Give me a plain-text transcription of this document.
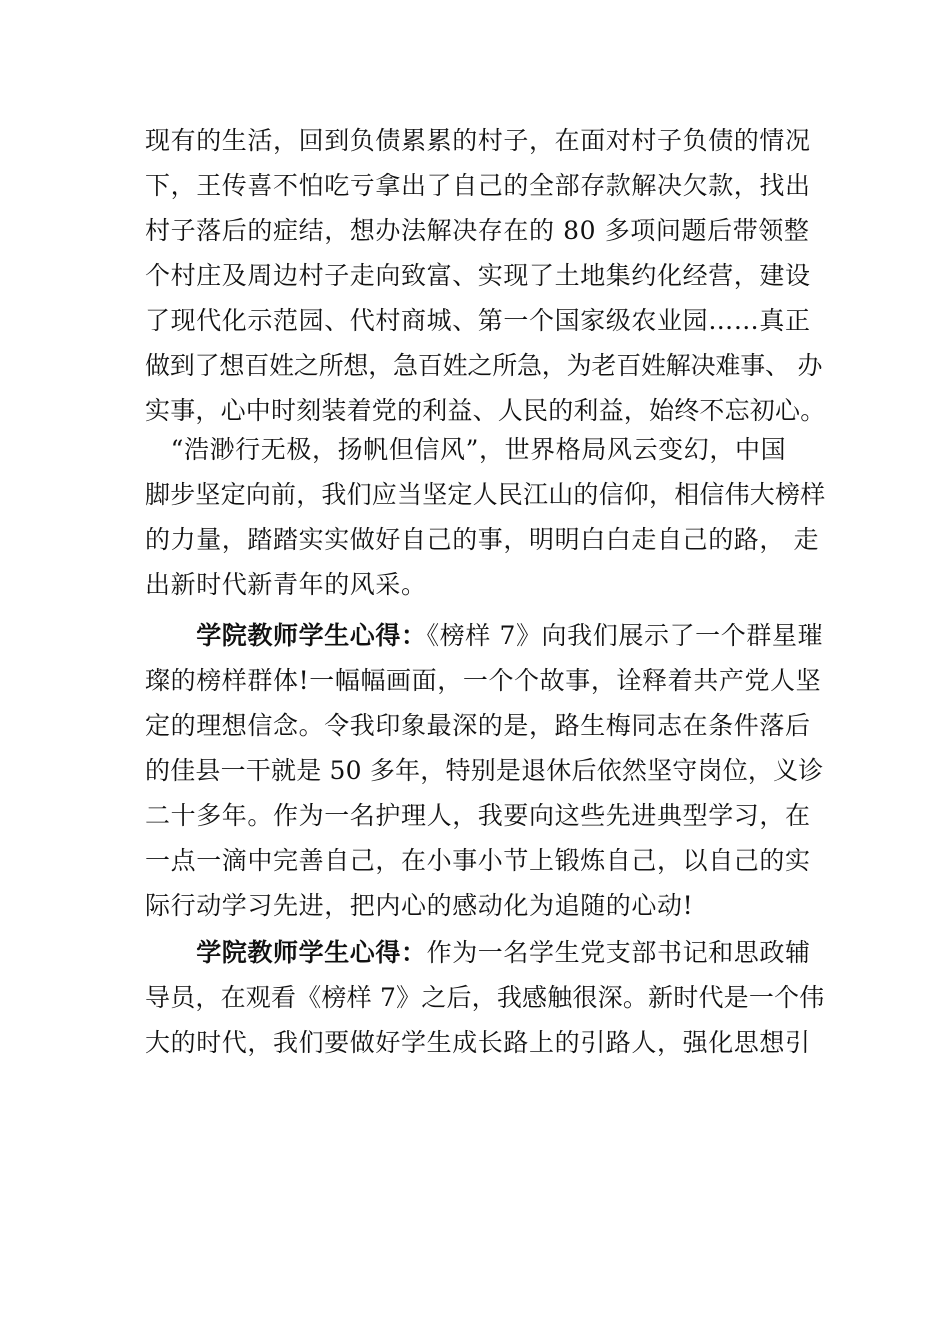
现有的生活，回到负债累累的村子，在面对村子负债的情况
下，王传喜不怕吃亏拿出了自己的全部存款解决欠款，找出
村子落后的症结，想办法解决存在的 80 多项问题后带领整
个村庄及周边村子走向致富、实现了土地集约化经营，建设
了现代化示范园、代村商城、第一个国家级农业园……真正
做到了想百姓之所想，急百姓之所急，为老百姓解决难事、 办
实事，心中时刻装着党的利益、人民的利益，始终不忘初心。
　“浩渺行无极，扬帆但信风”，世界格局风云变幻，中国
脚步坚定向前，我们应当坚定人民江山的信仰，相信伟大榜样
的力量，踏踏实实做好自己的事，明明白白走自己的路， 走
出新时代新青年的风采。
　　学院教师学生心得：《榜样 7》向我们展示了一个群星璀
璨的榜样群体!一幅幅画面，一个个故事，诠释着共产党人坚
定的理想信念。令我印象最深的是，路生梅同志在条件落后
的佳县一干就是 50 多年，特别是退休后依然坚守岗位，义诊
二十多年。作为一名护理人，我要向这些先进典型学习，在
一点一滴中完善自己，在小事小节上锻炼自己，以自己的实
际行动学习先进，把内心的感动化为追随的心动!
　　学院教师学生心得：作为一名学生党支部书记和思政辅
导员，在观看《榜样 7》之后，我感触很深。新时代是一个伟
大的时代，我们要做好学生成长路上的引路人，强化思想引
